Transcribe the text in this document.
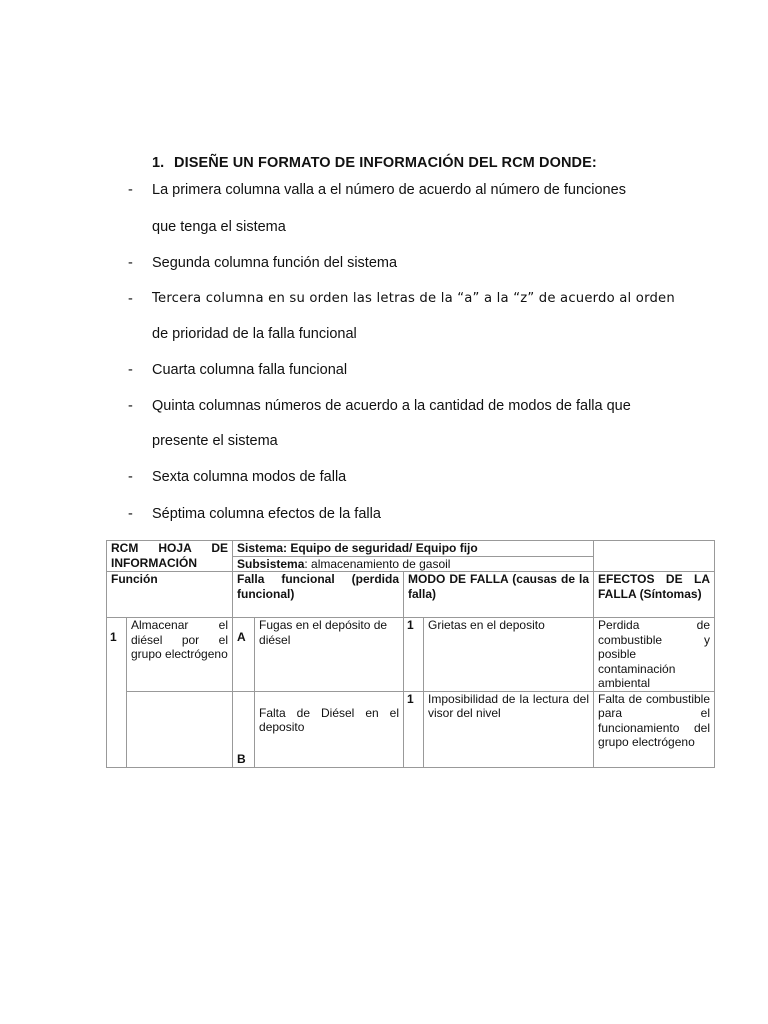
1. DISEÑE UN FORMATO DE INFORMACIÓN DEL RCM DONDE:
- La primera columna valla a el número de acuerdo al número de funciones
que tenga el sistema
- Segunda columna función del sistema
- Tercera columna en su orden las letras de la “a” a la “z” de acuerdo al orden
de prioridad de la falla funcional
- Cuarta columna falla funcional
- Quinta columnas números de acuerdo a la cantidad de modos de falla que
presente el sistema
- Sexta columna modos de falla
- Séptima columna efectos de la falla
RCM HOJA DE INFORMACIÓN		Sistema: Equipo de seguridad/ Equipo fijo				
		Subsistema: almacenamiento de gasoil				
Función		Falla funcional (perdida funcional)		MODO DE FALLA (causas de la falla)		EFECTOS DE LA FALLA (Síntomas)
1	Almacenar el diésel por el grupo electrógeno	A	Fugas en el depósito de diésel	1	Grietas en el deposito	Perdida de combustible y posible contaminación ambiental

		B	Falta de Diésel en el deposito	1	Imposibilidad de la lectura del visor del nivel	Falta de combustible para el funcionamiento del grupo electrógeno
